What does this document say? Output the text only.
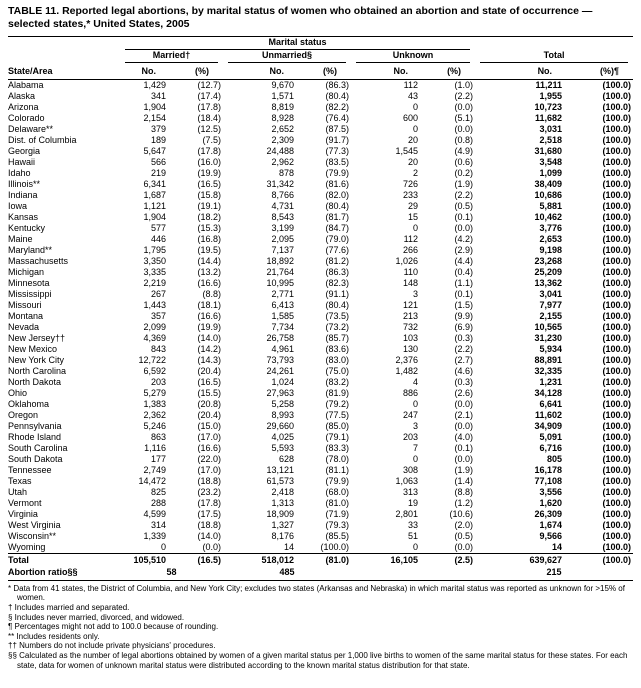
TABLE 11. Reported legal abortions, by marital status of women who obtained an abortion and state of occurrence — selected states,* United States, 2005

	Marital status							

	Married†		Unmarried§		Unknown		Total	

State/Area	No.	(%)	No.	(%)	No.	(%)	No.	(%)¶
Alabama	1,429	(12.7)	9,670	(86.3)	112	(1.0)	11,211	(100.0)
Alaska	341	(17.4)	1,571	(80.4)	43	(2.2)	1,955	(100.0)
Arizona	1,904	(17.8)	8,819	(82.2)	0	(0.0)	10,723	(100.0)
Colorado	2,154	(18.4)	8,928	(76.4)	600	(5.1)	11,682	(100.0)
Delaware**	379	(12.5)	2,652	(87.5)	0	(0.0)	3,031	(100.0)
Dist. of Columbia	189	(7.5)	2,309	(91.7)	20	(0.8)	2,518	(100.0)
Georgia	5,647	(17.8)	24,488	(77.3)	1,545	(4.9)	31,680	(100.0)
Hawaii	566	(16.0)	2,962	(83.5)	20	(0.6)	3,548	(100.0)
Idaho	219	(19.9)	878	(79.9)	2	(0.2)	1,099	(100.0)
Illinois**	6,341	(16.5)	31,342	(81.6)	726	(1.9)	38,409	(100.0)
Indiana	1,687	(15.8)	8,766	(82.0)	233	(2.2)	10,686	(100.0)
Iowa	1,121	(19.1)	4,731	(80.4)	29	(0.5)	5,881	(100.0)
Kansas	1,904	(18.2)	8,543	(81.7)	15	(0.1)	10,462	(100.0)
Kentucky	577	(15.3)	3,199	(84.7)	0	(0.0)	3,776	(100.0)
Maine	446	(16.8)	2,095	(79.0)	112	(4.2)	2,653	(100.0)
Maryland**	1,795	(19.5)	7,137	(77.6)	266	(2.9)	9,198	(100.0)
Massachusetts	3,350	(14.4)	18,892	(81.2)	1,026	(4.4)	23,268	(100.0)
Michigan	3,335	(13.2)	21,764	(86.3)	110	(0.4)	25,209	(100.0)
Minnesota	2,219	(16.6)	10,995	(82.3)	148	(1.1)	13,362	(100.0)
Mississippi	267	(8.8)	2,771	(91.1)	3	(0.1)	3,041	(100.0)
Missouri	1,443	(18.1)	6,413	(80.4)	121	(1.5)	7,977	(100.0)
Montana	357	(16.6)	1,585	(73.5)	213	(9.9)	2,155	(100.0)
Nevada	2,099	(19.9)	7,734	(73.2)	732	(6.9)	10,565	(100.0)
New Jersey††	4,369	(14.0)	26,758	(85.7)	103	(0.3)	31,230	(100.0)
New Mexico	843	(14.2)	4,961	(83.6)	130	(2.2)	5,934	(100.0)
New York City	12,722	(14.3)	73,793	(83.0)	2,376	(2.7)	88,891	(100.0)
North Carolina	6,592	(20.4)	24,261	(75.0)	1,482	(4.6)	32,335	(100.0)
North Dakota	203	(16.5)	1,024	(83.2)	4	(0.3)	1,231	(100.0)
Ohio	5,279	(15.5)	27,963	(81.9)	886	(2.6)	34,128	(100.0)
Oklahoma	1,383	(20.8)	5,258	(79.2)	0	(0.0)	6,641	(100.0)
Oregon	2,362	(20.4)	8,993	(77.5)	247	(2.1)	11,602	(100.0)
Pennsylvania	5,246	(15.0)	29,660	(85.0)	3	(0.0)	34,909	(100.0)
Rhode Island	863	(17.0)	4,025	(79.1)	203	(4.0)	5,091	(100.0)
South Carolina	1,116	(16.6)	5,593	(83.3)	7	(0.1)	6,716	(100.0)
South Dakota	177	(22.0)	628	(78.0)	0	(0.0)	805	(100.0)
Tennessee	2,749	(17.0)	13,121	(81.1)	308	(1.9)	16,178	(100.0)
Texas	14,472	(18.8)	61,573	(79.9)	1,063	(1.4)	77,108	(100.0)
Utah	825	(23.2)	2,418	(68.0)	313	(8.8)	3,556	(100.0)
Vermont	288	(17.8)	1,313	(81.0)	19	(1.2)	1,620	(100.0)
Virginia	4,599	(17.5)	18,909	(71.9)	2,801	(10.6)	26,309	(100.0)
West Virginia	314	(18.8)	1,327	(79.3)	33	(2.0)	1,674	(100.0)
Wisconsin**	1,339	(14.0)	8,176	(85.5)	51	(0.5)	9,566	(100.0)
Wyoming	0	(0.0)	14	(100.0)	0	(0.0)	14	(100.0)
Total	105,510	(16.5)	518,012	(81.0)	16,105	(2.5)	639,627	(100.0)
Abortion ratio§§	58		485				215	
* Data from 41 states, the District of Columbia, and New York City; excludes two states (Arkansas and Nebraska) in which marital status was reported as unknown for >15% of women.
† Includes married and separated.
§ Includes never married, divorced, and widowed.
¶ Percentages might not add to 100.0 because of rounding.
** Includes residents only.
†† Numbers do not include private physicians' procedures.
§§ Calculated as the number of legal abortions obtained by women of a given marital status per 1,000 live births to women of the same marital status for these states. For each state, data for women of unknown marital status were distributed according to the known marital status distribution for that state.
